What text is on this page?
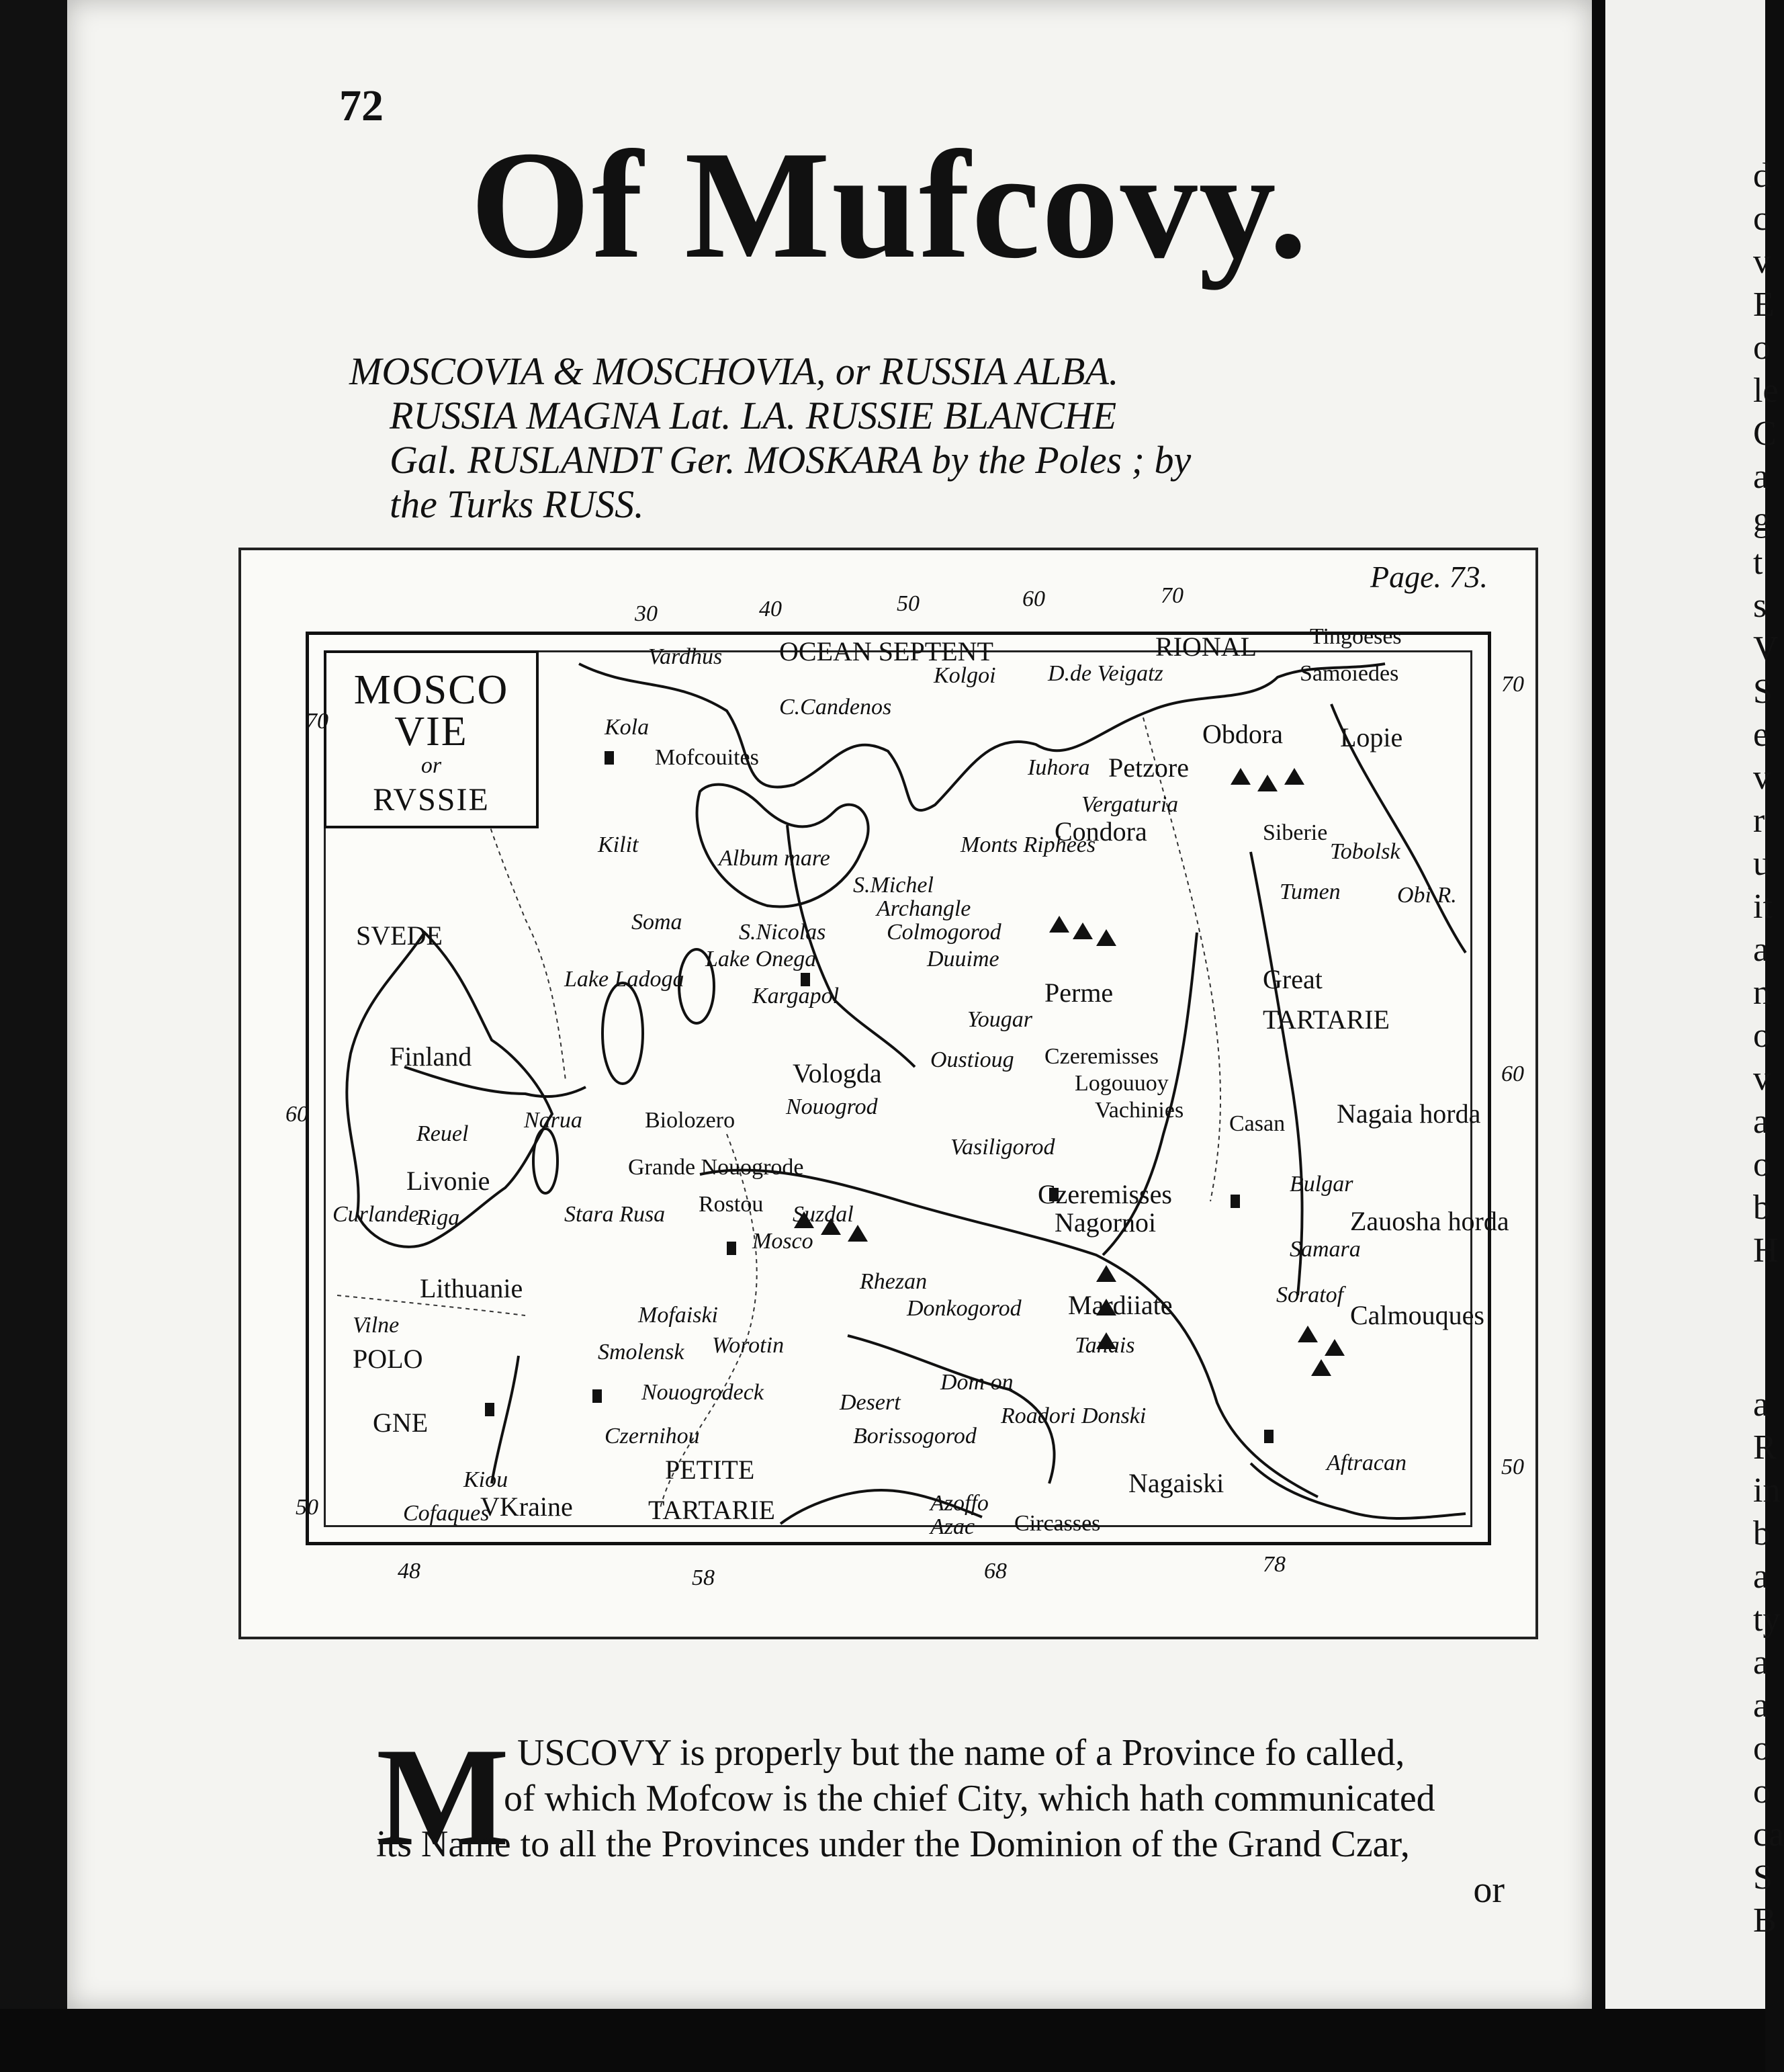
72
Of Mufcovy.
MOSCOVIA & MOSCHOVIA, or RUSSIA ALBA.
RUSSIA MAGNA Lat. LA. RUSSIE BLANCHE
Gal. RUSLANDT Ger. MOSKARA by the Poles ; by
the Turks RUSS.
Page. 73.
MOSCO
VIE
or
RVSSIE
30	40	50	60	70
48	58	68	78
70
60
50
70
60
50
Vardhus OCEAN SEPTENT	RIONAL Tingoeses
Samoiedes
C.Candenos
Kolgoi D.de Veigatz
Kola	Obdora Lopie
Mofcouites	Iuhora Petzore
Vergaturia
Condora	Siberie
Tobolsk
Kilit
Album mare
Monts Riphees
Tumen Obi R.
S.Michel
Archangle
Colmogorod
Duuime
S.Nicolas
SVEDE	Soma
Lake Onega
Kargapol	Perme	Great
TARTARIE
Lake Ladoga
Finland
Vologda
Yougar
Oustioug Czeremisses
Logouuoy
Vachinies
Biolozero
Nouogrod
Reuel
Narua
Livonie
Riga
Curlande
Grande Nouogrode
Stara Rusa Rostou Suzdal
Vasiligorod
Casan Nagaia horda
Czeremisses
Nagornoi
Bulgar
Zauosha horda
Samara
Lithuanie
Vilne
POLO
Mosco
Rhezan
Mofaiski	Donkogorod Mardiiate	Soratof
Calmouques
Smolensk Worotin	Tanais
GNE
Nouogrodeck	Desert
Dom on
Borissogorod
Roadori Donski
Czernihou
Kiou
VKraine
PETITE
TARTARIE
Cofaques	Azoffo
Azac Circasses
Nagaiski
Aftracan
M USCOVY is properly but the name of a Province fo called,
of which Mofcow is the chief City, which hath communicated
its Name to all the Provinces under the Dominion of the Grand Czar,
or
d
c
v
E
o
le
C
a
g
t
s
V
S
e
v
r
u
it
a
n
o
v
a
o
b
H
a
R
in
b
a
ty
a
a
o
o
ca
S
B
